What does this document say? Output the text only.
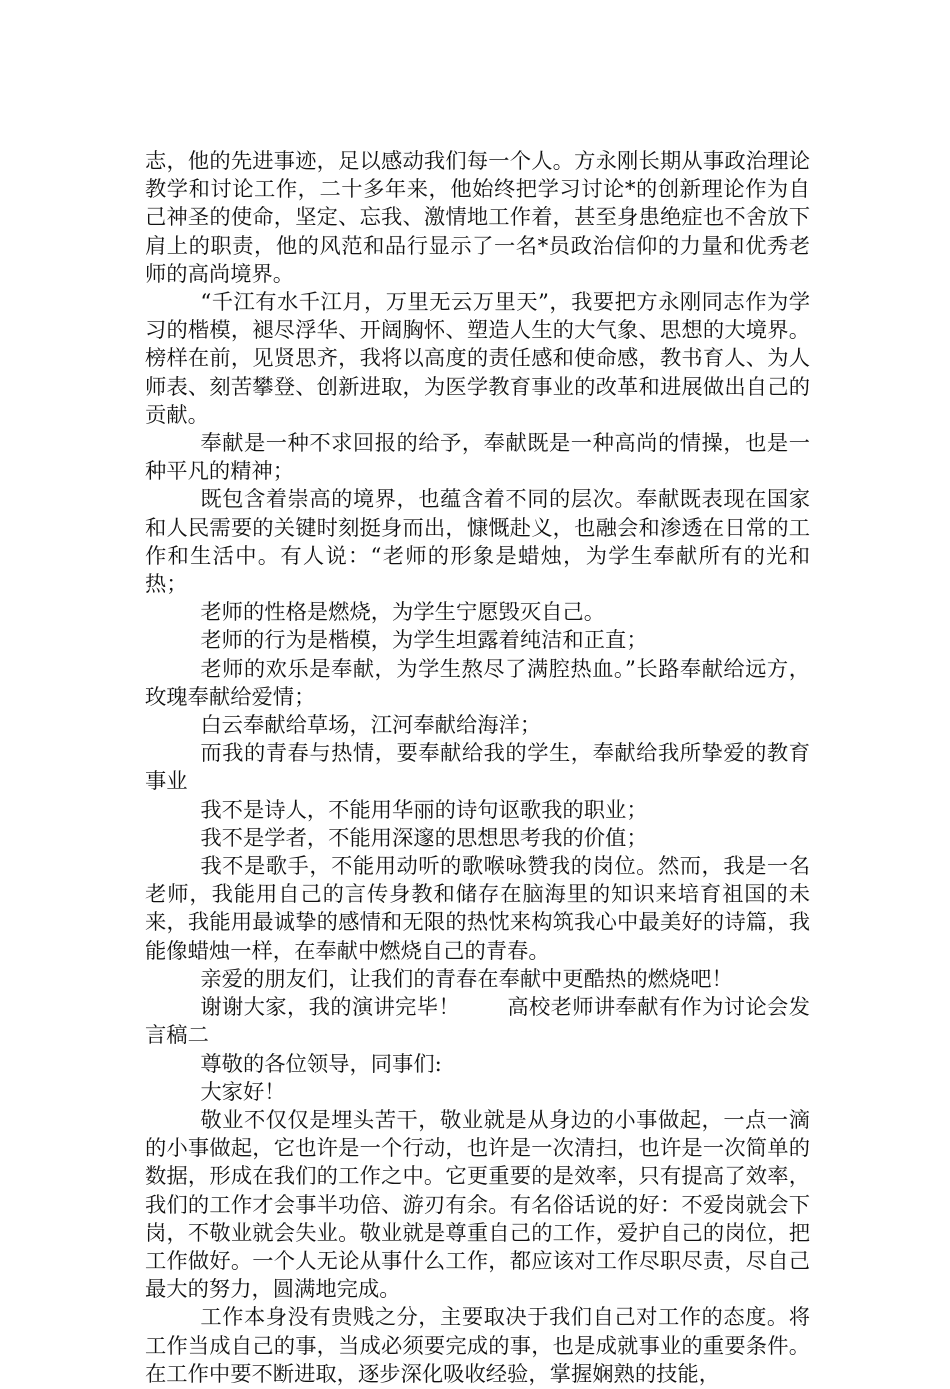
志，他的先进事迹，足以感动我们每一个人。方永刚长期从事政治理论教学和讨论工作，二十多年来，他始终把学习讨论*的创新理论作为自己神圣的使命，坚定、忘我、激情地工作着，甚至身患绝症也不舍放下肩上的职责，他的风范和品行显示了一名*员政治信仰的力量和优秀老师的高尚境界。

“千江有水千江月，万里无云万里天”，我要把方永刚同志作为学习的楷模，褪尽浮华、开阔胸怀、塑造人生的大气象、思想的大境界。榜样在前，见贤思齐，我将以高度的责任感和使命感，教书育人、为人师表、刻苦攀登、创新进取，为医学教育事业的改革和进展做出自己的贡献。

奉献是一种不求回报的给予，奉献既是一种高尚的情操，也是一种平凡的精神；

既包含着崇高的境界，也蕴含着不同的层次。奉献既表现在国家和人民需要的关键时刻挺身而出，慷慨赴义，也融会和渗透在日常的工作和生活中。有人说：“老师的形象是蜡烛，为学生奉献所有的光和热；

老师的性格是燃烧，为学生宁愿毁灭自己。

老师的行为是楷模，为学生坦露着纯洁和正直；

老师的欢乐是奉献，为学生熬尽了满腔热血。”长路奉献给远方，玫瑰奉献给爱情；

白云奉献给草场，江河奉献给海洋；

而我的青春与热情，要奉献给我的学生，奉献给我所挚爱的教育事业

我不是诗人，不能用华丽的诗句讴歌我的职业；

我不是学者，不能用深邃的思想思考我的价值；

我不是歌手，不能用动听的歌喉咏赞我的岗位。然而，我是一名老师，我能用自己的言传身教和储存在脑海里的知识来培育祖国的未来，我能用最诚挚的感情和无限的热忱来构筑我心中最美好的诗篇，我能像蜡烛一样，在奉献中燃烧自己的青春。

亲爱的朋友们，让我们的青春在奉献中更酷热的燃烧吧！

谢谢大家，我的演讲完毕！ 高校老师讲奉献有作为讨论会发言稿二

尊敬的各位领导，同事们:

大家好！

敬业不仅仅是埋头苦干，敬业就是从身边的小事做起，一点一滴的小事做起，它也许是一个行动，也许是一次清扫，也许是一次简单的数据，形成在我们的工作之中。它更重要的是效率，只有提高了效率，我们的工作才会事半功倍、游刃有余。有名俗话说的好：不爱岗就会下岗，不敬业就会失业。敬业就是尊重自己的工作，爱护自己的岗位，把工作做好。一个人无论从事什么工作，都应该对工作尽职尽责，尽自己最大的努力，圆满地完成。

工作本身没有贵贱之分，主要取决于我们自己对工作的态度。将工作当成自己的事，当成必须要完成的事，也是成就事业的重要条件。在工作中要不断进取，逐步深化吸收经验，掌握娴熟的技能，
